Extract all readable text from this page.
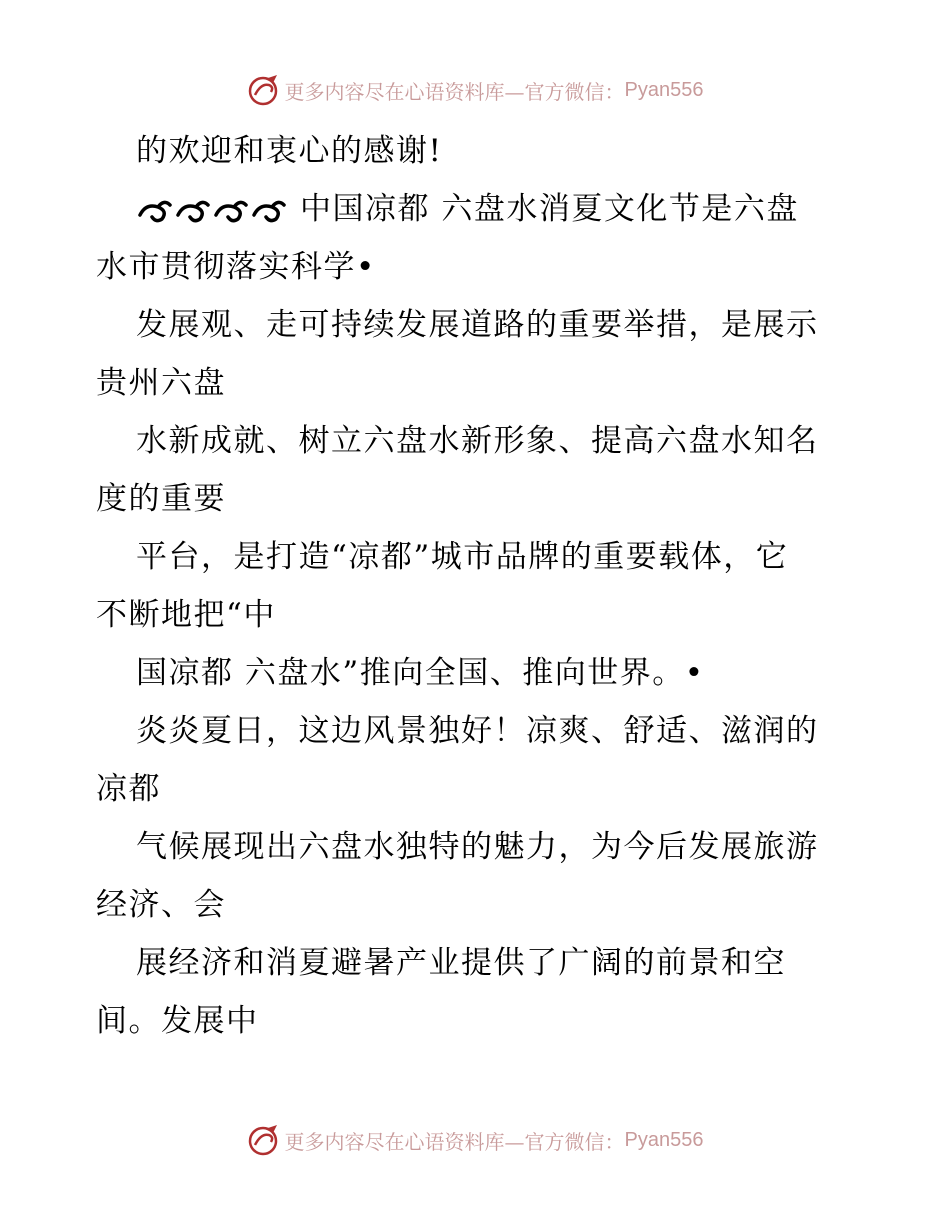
更多内容尽在心语资料库—官方微信： Pyan556
的欢迎和衷心的感谢!
中国凉都 六盘水消夏文化节是六盘
水市贯彻落实科学•
发展观、走可持续发展道路的重要举措，是展示
贵州六盘
水新成就、树立六盘水新形象、提高六盘水知名
度的重要
平台，是打造“凉都”城市品牌的重要载体，它
不断地把“中
国凉都 六盘水”推向全国、推向世界。•
炎炎夏日，这边风景独好！凉爽、舒适、滋润的
凉都
气候展现出六盘水独特的魅力，为今后发展旅游
经济、会
展经济和消夏避暑产业提供了广阔的前景和空
间。发展中
更多内容尽在心语资料库—官方微信： Pyan556
